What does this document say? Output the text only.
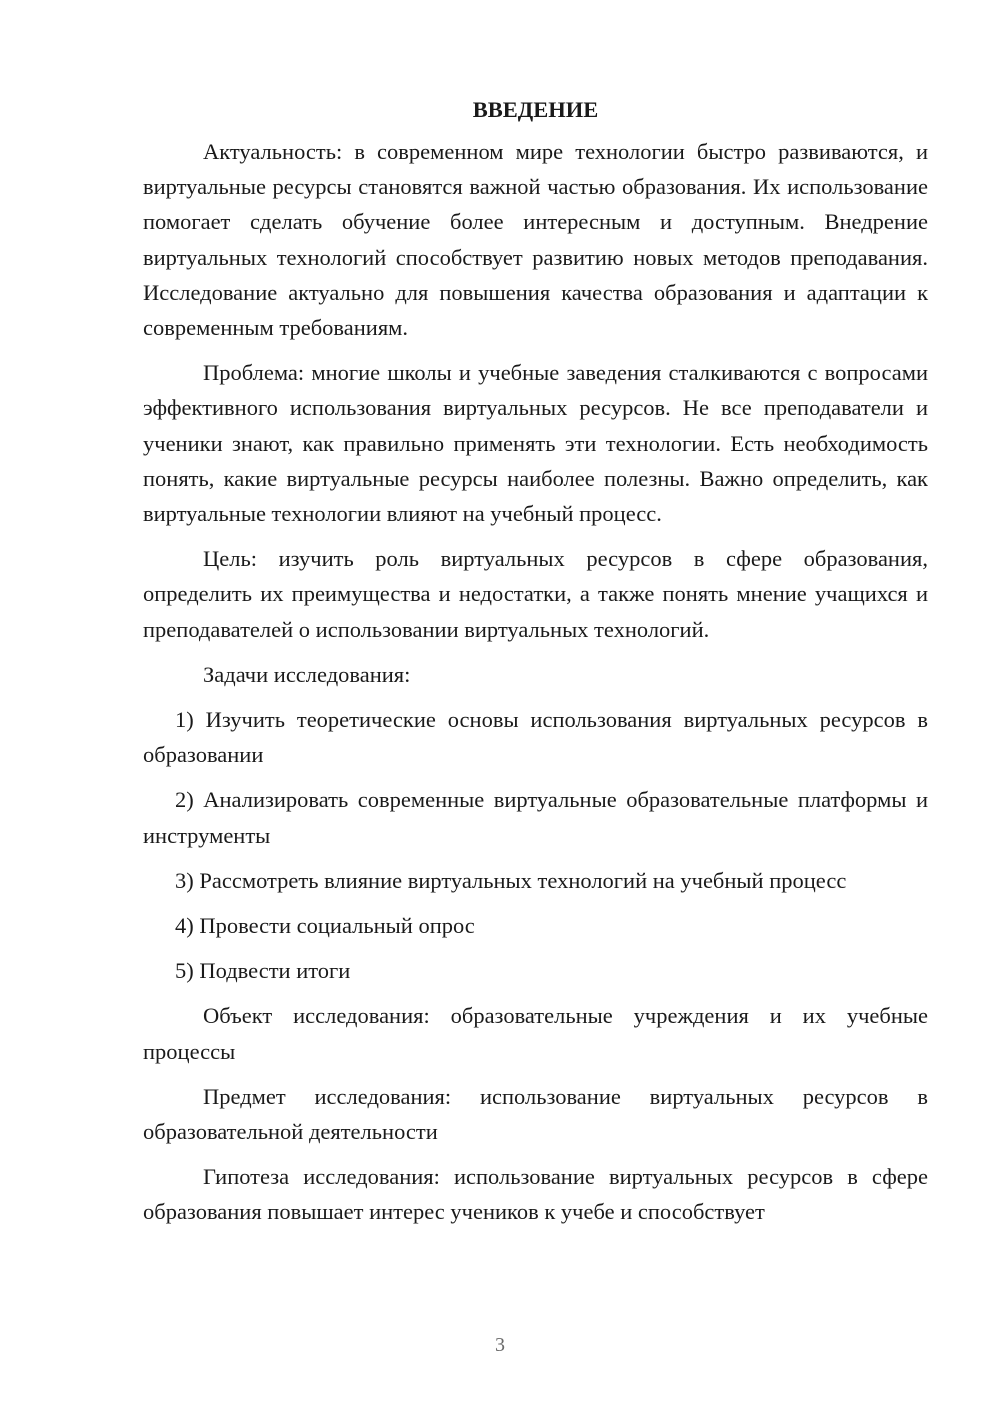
ВВЕДЕНИЕ
Актуальность: в современном мире технологии быстро развиваются, и виртуальные ресурсы становятся важной частью образования. Их использование помогает сделать обучение более интересным и доступным. Внедрение виртуальных технологий способствует развитию новых методов преподавания. Исследование актуально для повышения качества образования и адаптации к современным требованиям.
Проблема: многие школы и учебные заведения сталкиваются с вопросами эффективного использования виртуальных ресурсов. Не все преподаватели и ученики знают, как правильно применять эти технологии. Есть необходимость понять, какие виртуальные ресурсы наиболее полезны. Важно определить, как виртуальные технологии влияют на учебный процесс.
Цель: изучить роль виртуальных ресурсов в сфере образования, определить их преимущества и недостатки, а также понять мнение учащихся и преподавателей о использовании виртуальных технологий.
Задачи исследования:
1) Изучить теоретические основы использования виртуальных ресурсов в образовании
2) Анализировать современные виртуальные образовательные платформы и инструменты
3) Рассмотреть влияние виртуальных технологий на учебный процесс
4) Провести социальный опрос
5) Подвести итоги
Объект исследования: образовательные учреждения и их учебные процессы
Предмет исследования: использование виртуальных ресурсов в образовательной деятельности
Гипотеза исследования: использование виртуальных ресурсов в сфере образования повышает интерес учеников к учебе и способствует
3
